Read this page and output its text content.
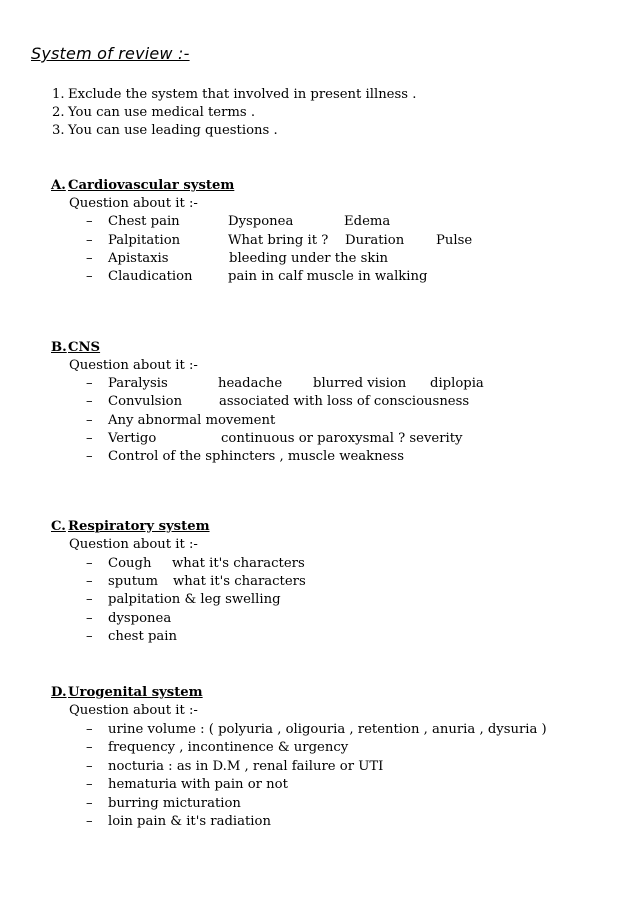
System of review :-
1. Exclude the system that involved in present illness .
2. You can use medical terms .
3. You can use leading questions .
A. Cardiovascular system
Question about it :-
– Chest pain	Dysponea	Edema
– Palpitation	What bring it ? Duration Pulse
– Apistaxis	bleeding under the skin
– Claudication	pain in calf muscle in walking
B. CNS
Question about it :-
– Paralysis	headache blurred vision diplopia
– Convulsion	associated with loss of consciousness
– Any abnormal movement
– Vertigo	continuous or paroxysmal ? severity
– Control of the sphincters , muscle weakness
C. Respiratory system
Question about it :-
– Cough what it's characters
– sputum what it's characters
– palpitation & leg swelling
– dysponea
– chest pain
D. Urogenital system
Question about it :-
– urine volume : ( polyuria , oligouria , retention , anuria , dysuria )
– frequency , incontinence & urgency
– nocturia : as in D.M , renal failure or UTI
– hematuria with pain or not
– burring micturation
– loin pain & it's radiation
